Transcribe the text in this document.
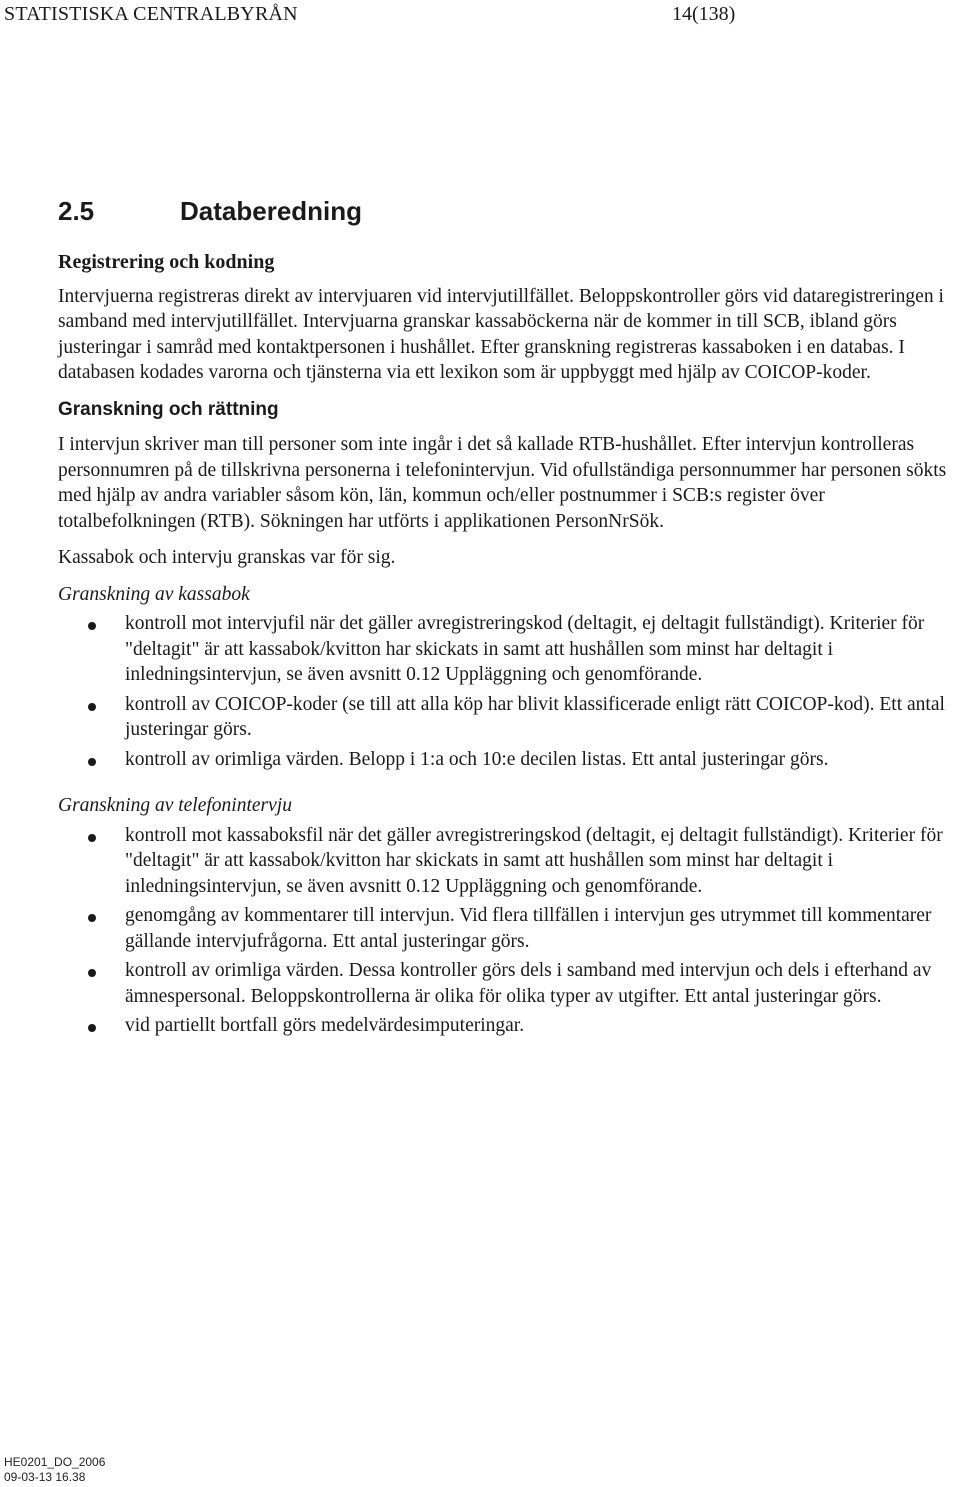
STATISTISKA CENTRALBYRÅN	14(138)
2.5	Databeredning
Registrering och kodning

Intervjuerna registreras direkt av intervjuaren vid intervjutillfället. Beloppskontroller görs vid dataregistreringen i samband med intervjutillfället. Intervjuarna granskar kassaböckerna när de kommer in till SCB, ibland görs justeringar i samråd med kontaktpersonen i hushållet. Efter granskning registreras kassaboken i en databas. I databasen kodades varorna och tjänsterna via ett lexikon som är uppbyggt med hjälp av COICOP-koder.

Granskning och rättning

I intervjun skriver man till personer som inte ingår i det så kallade RTB-hushållet. Efter intervjun kontrolleras personnumren på de tillskrivna personerna i telefonintervjun. Vid ofullständiga personnummer har personen sökts med hjälp av andra variabler såsom kön, län, kommun och/eller postnummer i SCB:s register över totalbefolkningen (RTB). Sökningen har utförts i applikationen PersonNrSök.

Kassabok och intervju granskas var för sig.

Granskning av kassabok
kontroll mot intervjufil när det gäller avregistreringskod (deltagit, ej deltagit fullständigt). Kriterier för "deltagit" är att kassabok/kvitton har skickats in samt att hushållen som minst har deltagit i inledningsintervjun, se även avsnitt 0.12 Uppläggning och genomförande.
kontroll av COICOP-koder (se till att alla köp har blivit klassificerade enligt rätt COICOP-kod). Ett antal justeringar görs.
kontroll av orimliga värden. Belopp i 1:a och 10:e decilen listas. Ett antal justeringar görs.
Granskning av telefonintervju
kontroll mot kassaboksfil när det gäller avregistreringskod (deltagit, ej deltagit fullständigt). Kriterier för "deltagit" är att kassabok/kvitton har skickats in samt att hushållen som minst har deltagit i inledningsintervjun, se även avsnitt 0.12 Uppläggning och genomförande.
genomgång av kommentarer till intervjun. Vid flera tillfällen i intervjun ges utrymmet till kommentarer gällande intervjufrågorna. Ett antal justeringar görs.
kontroll av orimliga värden. Dessa kontroller görs dels i samband med intervjun och dels i efterhand av ämnespersonal. Beloppskontrollerna är olika för olika typer av utgifter. Ett antal justeringar görs.
vid partiellt bortfall görs medelvärdesimputeringar.
HE0201_DO_2006
09-03-13 16.38
